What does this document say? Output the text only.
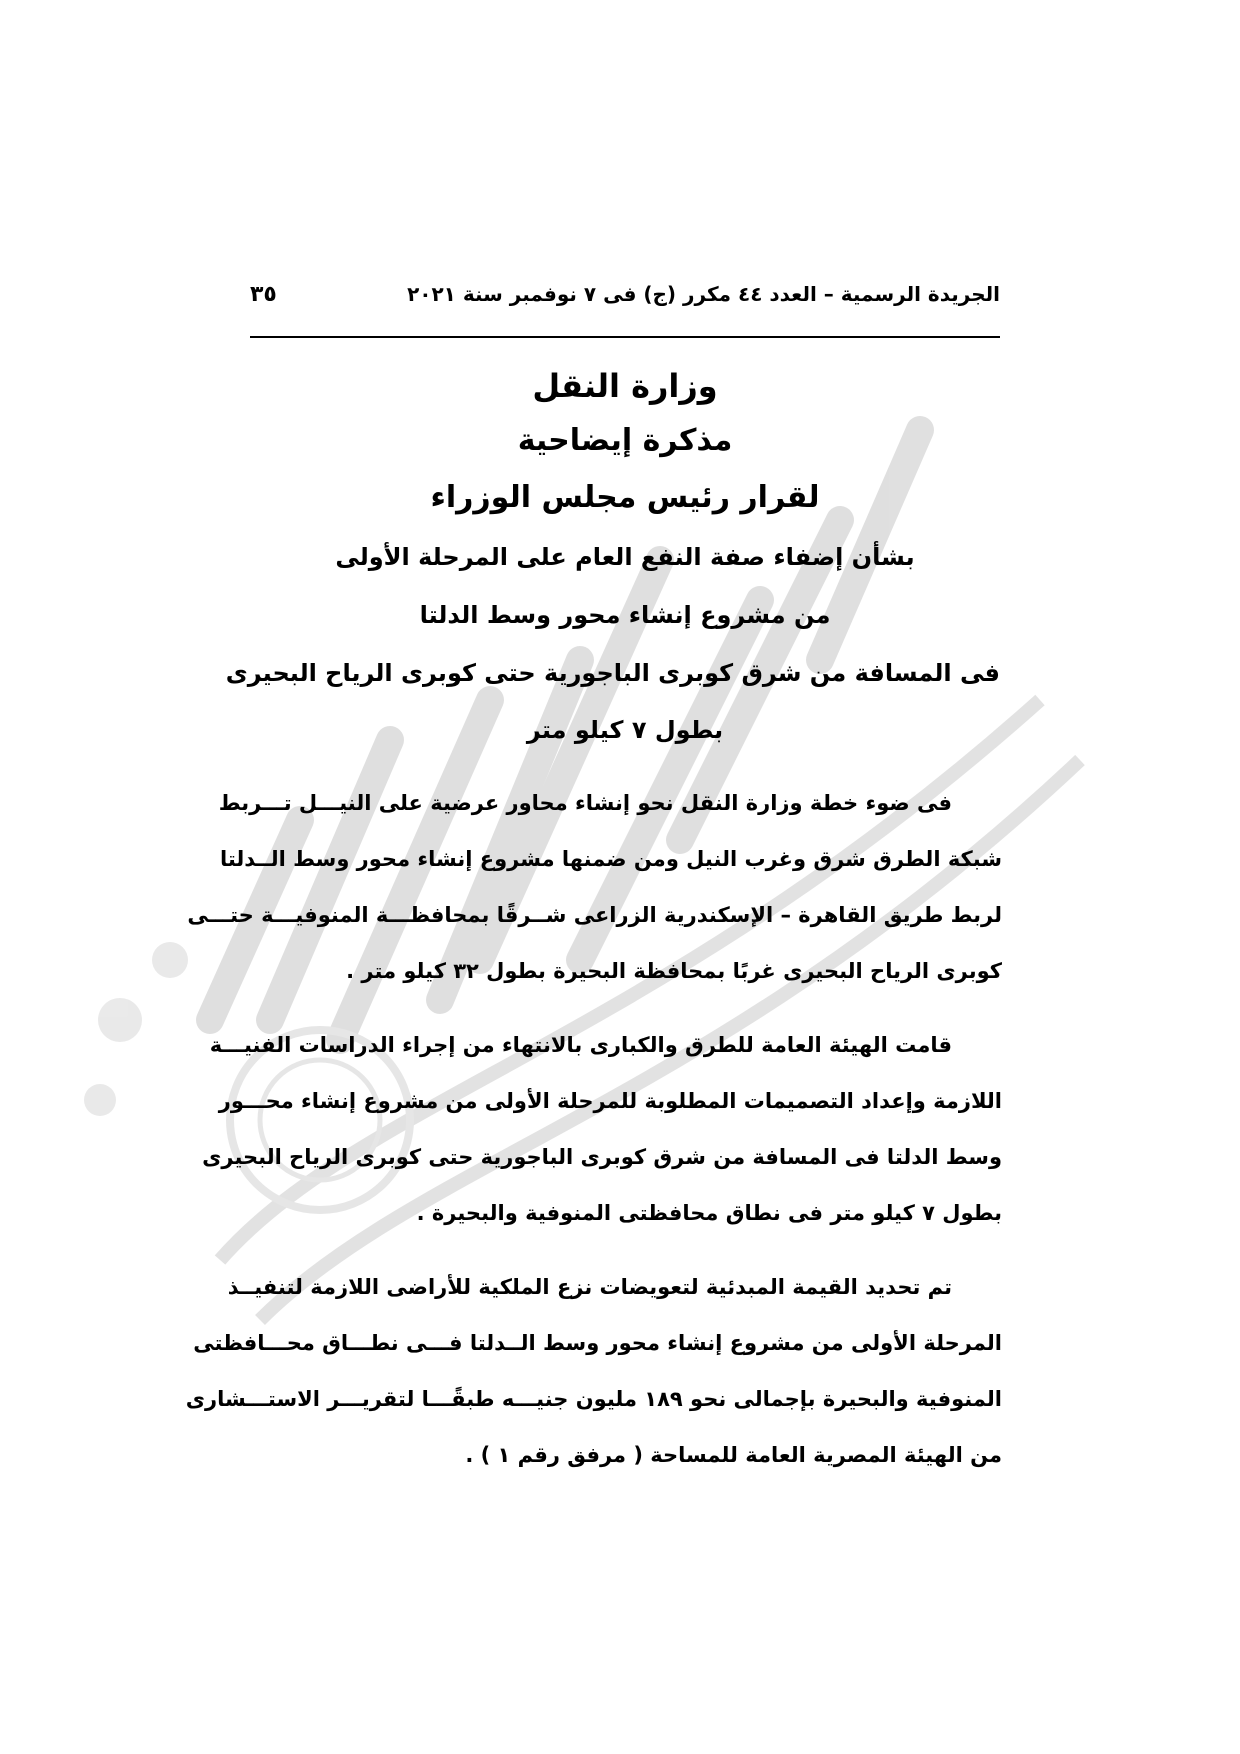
الجريدة الرسمية – العدد ٤٤ مكرر (ج) فى ٧ نوفمبر سنة ٢٠٢١
٣٥
وزارة النقل
مذكرة إيضاحية
لقرار رئيس مجلس الوزراء
بشأن إضفاء صفة النفع العام على المرحلة الأولى
من مشروع إنشاء محور وسط الدلتا
فى المسافة من شرق كوبرى الباجورية حتى كوبرى الرياح البحيرى
بطول ٧ كيلو متر
فى ضوء خطة وزارة النقل نحو إنشاء محاور عرضية على النيـــل تـــربط
شبكة الطرق شرق وغرب النيل ومن ضمنها مشروع إنشاء محور وسط الــدلتا
لربط طريق القاهرة – الإسكندرية الزراعى شــرقًا بمحافظـــة المنوفيـــة حتـــى
كوبرى الرياح البحيرى غربًا بمحافظة البحيرة بطول ٣٢ كيلو متر .
قامت الهيئة العامة للطرق والكبارى بالانتهاء من إجراء الدراسات الفنيـــة
اللازمة وإعداد التصميمات المطلوبة للمرحلة الأولى من مشروع إنشاء محـــور
وسط الدلتا فى المسافة من شرق كوبرى الباجورية حتى كوبرى الرياح البحيرى
بطول ٧ كيلو متر فى نطاق محافظتى المنوفية والبحيرة .
تم تحديد القيمة المبدئية لتعويضات نزع الملكية للأراضى اللازمة لتنفيــذ
المرحلة الأولى من مشروع إنشاء محور وسط الــدلتا فـــى نطـــاق محـــافظتى
المنوفية والبحيرة بإجمالى نحو ١٨٩ مليون جنيـــه طبقًـــا لتقريـــر الاستـــشارى
من الهيئة المصرية العامة للمساحة ( مرفق رقم ١ ) .
